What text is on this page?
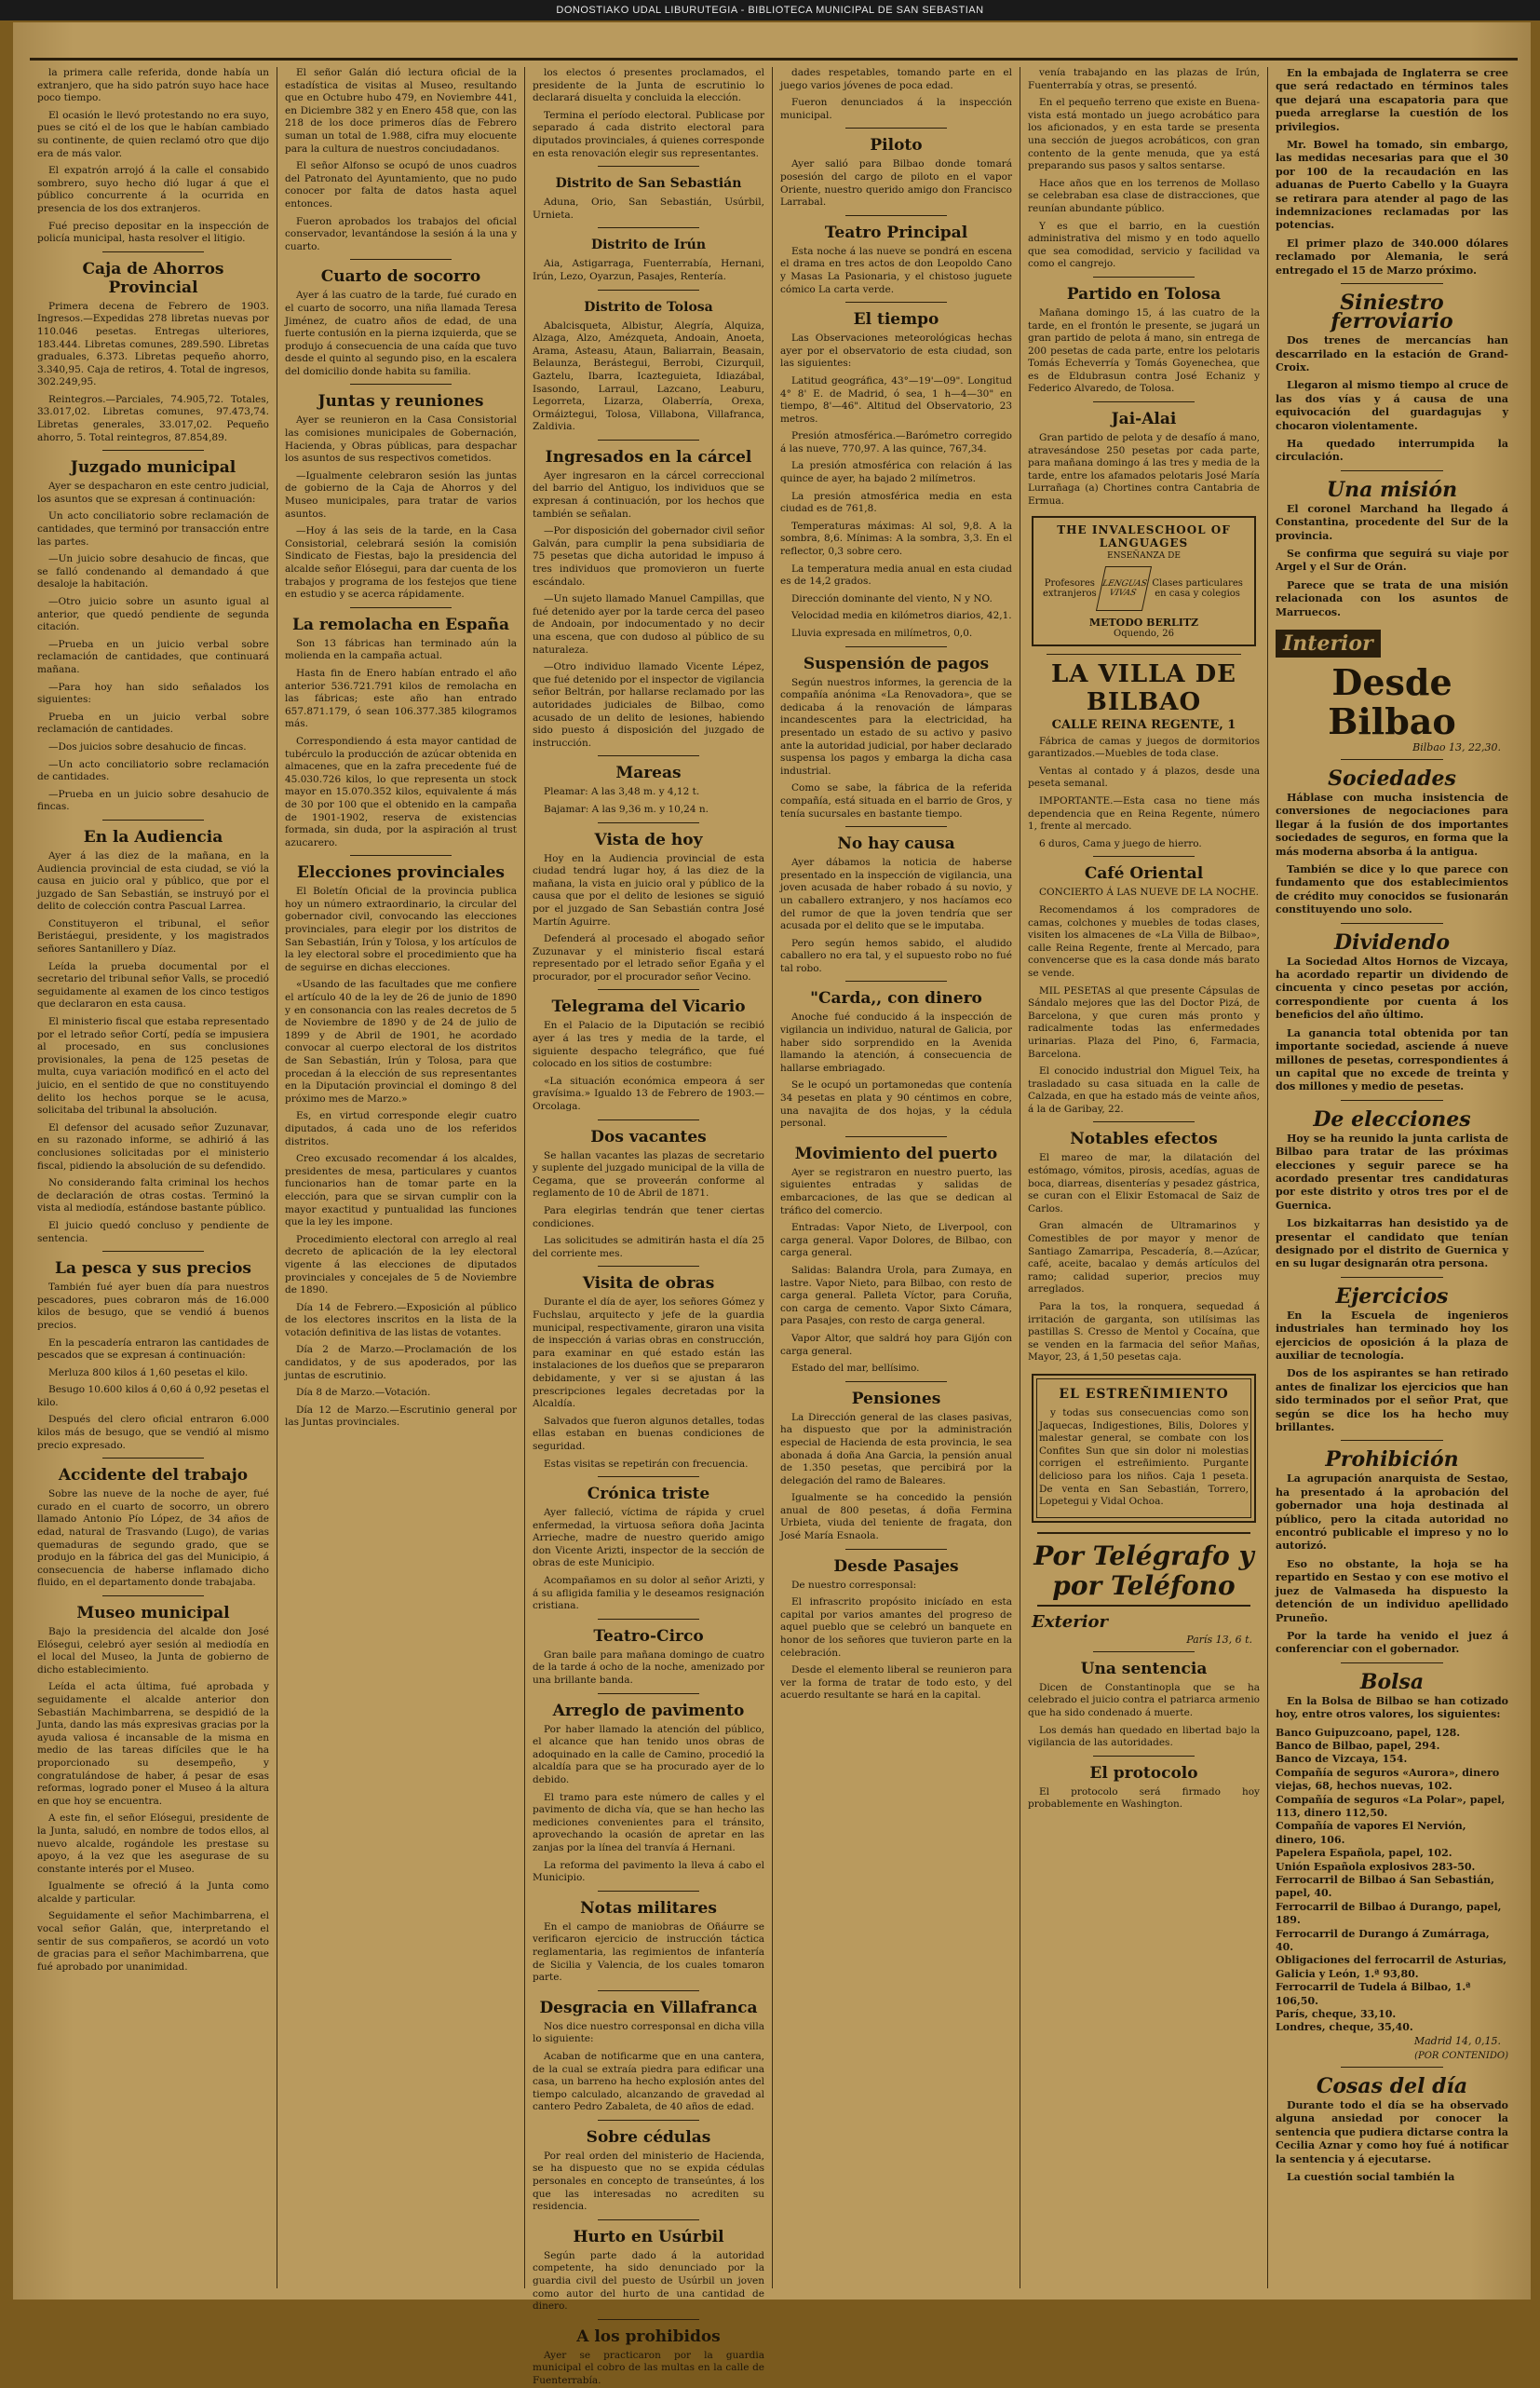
DONOSTIAKO UDAL LIBURUTEGIA - BIBLIOTECA MUNICIPAL DE SAN SEBASTIAN

la primera calle referida, donde había un extranjero, que ha sido patrón suyo hace hace poco tiempo.

El ocasión le llevó protestando no era suyo, pues se citó el de los que le habían cambiado su continente, de quien reclamó otro que dijo era de más valor.

El expatrón arrojó á la calle el consabido sombrero, suyo hecho dió lugar á que el público concurrente á la ocurrida en presencia de los dos extranjeros.

Fué preciso depositar en la inspección de policía municipal, hasta resolver el litigio.

Caja de Ahorros Provincial

Primera decena de Febrero de 1903. Ingresos.—Expedidas 278 libretas nuevas por 110.046 pesetas. Entregas ulteriores, 183.444. Libretas comunes, 289.590. Libretas graduales, 6.373. Libretas pequeño ahorro, 3.340,95. Caja de retiros, 4. Total de ingresos, 302.249,95.

Reintegros.—Parciales, 74.905,72. Totales, 33.017,02. Libretas comunes, 97.473,74. Libretas generales, 33.017,02. Pequeño ahorro, 5. Total reintegros, 87.854,89.

Juzgado municipal

Ayer se despacharon en este centro judicial, los asuntos que se expresan á continuación:

Un acto conciliatorio sobre reclamación de cantidades, que terminó por transacción entre las partes.

—Un juicio sobre desahucio de fincas, que se falló condenando al demandado á que desaloje la habitación.

—Otro juicio sobre un asunto igual al anterior, que quedó pendiente de segunda citación.

—Prueba en un juicio verbal sobre reclamación de cantidades, que continuará mañana.

—Para hoy han sido señalados los siguientes:

Prueba en un juicio verbal sobre reclamación de cantidades.

—Dos juicios sobre desahucio de fincas.

—Un acto conciliatorio sobre reclamación de cantidades.

—Prueba en un juicio sobre desahucio de fincas.

En la Audiencia

Ayer á las diez de la mañana, en la Audiencia provincial de esta ciudad, se vió la causa en juicio oral y público, que por el juzgado de San Sebastián, se instruyó por el delito de colección contra Pascual Larrea.

Constituyeron el tribunal, el señor Beristáegui, presidente, y los magistrados señores Santanillero y Díaz.

Leída la prueba documental por el secretario del tribunal señor Valls, se procedió seguidamente al examen de los cinco testigos que declararon en esta causa.

El ministerio fiscal que estaba representado por el letrado señor Cortí, pedía se impusiera al procesado, en sus conclusiones provisionales, la pena de 125 pesetas de multa, cuya variación modificó en el acto del juicio, en el sentido de que no constituyendo delito los hechos porque se le acusa, solicitaba del tribunal la absolución.

El defensor del acusado señor Zuzunavar, en su razonado informe, se adhirió á las conclusiones solicitadas por el ministerio fiscal, pidiendo la absolución de su defendido.

No considerando falta criminal los hechos de declaración de otras costas. Terminó la vista al mediodía, estándose bastante público.

El juicio quedó concluso y pendiente de sentencia.

La pesca y sus precios

También fué ayer buen día para nuestros pescadores, pues cobraron más de 16.000 kilos de besugo, que se vendió á buenos precios.

En la pescadería entraron las cantidades de pescados que se expresan á continuación:

Merluza 800 kilos á 1,60 pesetas el kilo.

Besugo 10.600 kilos á 0,60 á 0,92 pesetas el kilo.

Después del clero oficial entraron 6.000 kilos más de besugo, que se vendió al mismo precio expresado.

Accidente del trabajo

Sobre las nueve de la noche de ayer, fué curado en el cuarto de socorro, un obrero llamado Antonio Pío López, de 34 años de edad, natural de Trasvando (Lugo), de varias quemaduras de segundo grado, que se produjo en la fábrica del gas del Municipio, á consecuencia de haberse inflamado dicho fluido, en el departamento donde trabajaba.

Museo municipal

Bajo la presidencia del alcalde don José Elósegui, celebró ayer sesión al mediodía en el local del Museo, la Junta de gobierno de dicho establecimiento.

Leída el acta última, fué aprobada y seguidamente el alcalde anterior don Sebastián Machimbarrena, se despidió de la Junta, dando las más expresivas gracias por la ayuda valiosa é incansable de la misma en medio de las tareas difíciles que le ha proporcionado su desempeño, y congratulándose de haber, á pesar de esas reformas, logrado poner el Museo á la altura en que hoy se encuentra.

A este fin, el señor Elósegui, presidente de la Junta, saludó, en nombre de todos ellos, al nuevo alcalde, rogándole les prestase su apoyo, á la vez que les asegurase de su constante interés por el Museo.

Igualmente se ofreció á la Junta como alcalde y particular.

Seguidamente el señor Machimbarrena, el vocal señor Galán, que, interpretando el sentir de sus compañeros, se acordó un voto de gracias para el señor Machimbarrena, que fué aprobado por unanimidad.

El señor Galán dió lectura oficial de la estadística de visitas al Museo, resultando que en Octubre hubo 479, en Noviembre 441, en Diciembre 382 y en Enero 458 que, con las 218 de los doce primeros días de Febrero suman un total de 1.988, cifra muy elocuente para la cultura de nuestros conciudadanos.

El señor Alfonso se ocupó de unos cuadros del Patronato del Ayuntamiento, que no pudo conocer por falta de datos hasta aquel entonces.

Fueron aprobados los trabajos del oficial conservador, levantándose la sesión á la una y cuarto.

Cuarto de socorro

Ayer á las cuatro de la tarde, fué curado en el cuarto de socorro, una niña llamada Teresa Jiménez, de cuatro años de edad, de una fuerte contusión en la pierna izquierda, que se produjo á consecuencia de una caída que tuvo desde el quinto al segundo piso, en la escalera del domicilio donde habita su familia.

Juntas y reuniones

Ayer se reunieron en la Casa Consistorial las comisiones municipales de Gobernación, Hacienda, y Obras públicas, para despachar los asuntos de sus respectivos cometidos.

—Igualmente celebraron sesión las juntas de gobierno de la Caja de Ahorros y del Museo municipales, para tratar de varios asuntos.

—Hoy á las seis de la tarde, en la Casa Consistorial, celebrará sesión la comisión Sindicato de Fiestas, bajo la presidencia del alcalde señor Elósegui, para dar cuenta de los trabajos y programa de los festejos que tiene en estudio y se acerca rápidamente.

La remolacha en España

Son 13 fábricas han terminado aún la molienda en la campaña actual.

Hasta fin de Enero habían entrado el año anterior 536.721.791 kilos de remolacha en las fábricas; este año han entrado 657.871.179, ó sean 106.377.385 kilogramos más.

Correspondiendo á esta mayor cantidad de tubérculo la producción de azúcar obtenida en almacenes, que en la zafra precedente fué de 45.030.726 kilos, lo que representa un stock mayor en 15.070.352 kilos, equivalente á más de 30 por 100 que el obtenido en la campaña de 1901-1902, reserva de existencias formada, sin duda, por la aspiración al trust azucarero.

Elecciones provinciales

El Boletín Oficial de la provincia publica hoy un número extraordinario, la circular del gobernador civil, convocando las elecciones provinciales, para elegir por los distritos de San Sebastián, Irún y Tolosa, y los artículos de la ley electoral sobre el procedimiento que ha de seguirse en dichas elecciones.

«Usando de las facultades que me confiere el artículo 40 de la ley de 26 de junio de 1890 y en consonancia con las reales decretos de 5 de Noviembre de 1890 y de 24 de julio de 1899 y de Abril de 1901, he acordado convocar al cuerpo electoral de los distritos de San Sebastián, Irún y Tolosa, para que procedan á la elección de sus representantes en la Diputación provincial el domingo 8 del próximo mes de Marzo.»

Es, en virtud corresponde elegir cuatro diputados, á cada uno de los referidos distritos.

Creo excusado recomendar á los alcaldes, presidentes de mesa, particulares y cuantos funcionarios han de tomar parte en la elección, para que se sirvan cumplir con la mayor exactitud y puntualidad las funciones que la ley les impone.

Procedimiento electoral con arreglo al real decreto de aplicación de la ley electoral vigente á las elecciones de diputados provinciales y concejales de 5 de Noviembre de 1890.

Día 14 de Febrero.—Exposición al público de los electores inscritos en la lista de la votación definitiva de las listas de votantes.

Día 2 de Marzo.—Proclamación de los candidatos, y de sus apoderados, por las juntas de escrutinio.

Día 8 de Marzo.—Votación.

Día 12 de Marzo.—Escrutinio general por las Juntas provinciales.

los electos ó presentes proclamados, el presidente de la Junta de escrutinio lo declarará disuelta y concluida la elección.

Termina el período electoral. Publicase por separado á cada distrito electoral para diputados provinciales, á quienes corresponde en esta renovación elegir sus representantes.

Distrito de San Sebastián

Aduna, Orio, San Sebastián, Usúrbil, Urnieta.

Distrito de Irún

Aia, Astigarraga, Fuenterrabía, Hernani, Irún, Lezo, Oyarzun, Pasajes, Rentería.

Distrito de Tolosa

Abalcisqueta, Albistur, Alegría, Alquiza, Alzaga, Alzo, Amézqueta, Andoain, Anoeta, Arama, Asteasu, Ataun, Baliarrain, Beasain, Belaunza, Berástegui, Berrobi, Cizurquil, Gaztelu, Ibarra, Icazteguieta, Idiazábal, Isasondo, Larraul, Lazcano, Leaburu, Legorreta, Lizarza, Olaberría, Orexa, Ormáiztegui, Tolosa, Villabona, Villafranca, Zaldivia.

Ingresados en la cárcel

Ayer ingresaron en la cárcel correccional del barrio del Antiguo, los individuos que se expresan á continuación, por los hechos que también se señalan.

—Por disposición del gobernador civil señor Galván, para cumplir la pena subsidiaria de 75 pesetas que dicha autoridad le impuso á tres individuos que promovieron un fuerte escándalo.

—Un sujeto llamado Manuel Campillas, que fué detenido ayer por la tarde cerca del paseo de Andoain, por indocumentado y no decir una escena, que con dudoso al público de su naturaleza.

—Otro individuo llamado Vicente Lépez, que fué detenido por el inspector de vigilancia señor Beltrán, por hallarse reclamado por las autoridades judiciales de Bilbao, como acusado de un delito de lesiones, habiendo sido puesto á disposición del juzgado de instrucción.

Mareas

Pleamar: A las 3,48 m. y 4,12 t.

Bajamar: A las 9,36 m. y 10,24 n.

Vista de hoy

Hoy en la Audiencia provincial de esta ciudad tendrá lugar hoy, á las diez de la mañana, la vista en juicio oral y público de la causa que por el delito de lesiones se siguió por el juzgado de San Sebastián contra José Martín Aguirre.

Defenderá al procesado el abogado señor Zuzunavar y el ministerio fiscal estará representado por el letrado señor Egaña y el procurador, por el procurador señor Vecino.

Telegrama del Vicario

En el Palacio de la Diputación se recibió ayer á las tres y media de la tarde, el siguiente despacho telegráfico, que fué colocado en los sitios de costumbre:

«La situación económica empeora á ser gravísima.» Igualdo 13 de Febrero de 1903.—Orcolaga.

Dos vacantes

Se hallan vacantes las plazas de secretario y suplente del juzgado municipal de la villa de Cegama, que se proveerán conforme al reglamento de 10 de Abril de 1871.

Para elegirlas tendrán que tener ciertas condiciones.

Las solicitudes se admitirán hasta el día 25 del corriente mes.

Visita de obras

Durante el día de ayer, los señores Gómez y Fuchslau, arquitecto y jefe de la guardia municipal, respectivamente, giraron una visita de inspección á varias obras en construcción, para examinar en qué estado están las instalaciones de los dueños que se prepararon debidamente, y ver si se ajustan á las prescripciones legales decretadas por la Alcaldía.

Salvados que fueron algunos detalles, todas ellas estaban en buenas condiciones de seguridad.

Estas visitas se repetirán con frecuencia.

Crónica triste

Ayer falleció, víctima de rápida y cruel enfermedad, la virtuosa señora doña Jacinta Arrieche, madre de nuestro querido amigo don Vicente Arizti, inspector de la sección de obras de este Municipio.

Acompañamos en su dolor al señor Arizti, y á su afligida familia y le deseamos resignación cristiana.

Teatro-Circo

Gran baile para mañana domingo de cuatro de la tarde á ocho de la noche, amenizado por una brillante banda.

Arreglo de pavimento

Por haber llamado la atención del público, el alcance que han tenido unos obras de adoquinado en la calle de Camino, procedió la alcaldía para que se ha procurado ayer de lo debido.

El tramo para este número de calles y el pavimento de dicha vía, que se han hecho las mediciones convenientes para el tránsito, aprovechando la ocasión de apretar en las zanjas por la línea del tranvía á Hernani.

La reforma del pavimento la lleva á cabo el Municipio.

Notas militares

En el campo de maniobras de Oñáurre se verificaron ejercicio de instrucción táctica reglamentaria, las regimientos de infantería de Sicilia y Valencia, de los cuales tomaron parte.

Desgracia en Villafranca

Nos dice nuestro corresponsal en dicha villa lo siguiente:

Acaban de notificarme que en una cantera, de la cual se extraía piedra para edificar una casa, un barreno ha hecho explosión antes del tiempo calculado, alcanzando de gravedad al cantero Pedro Zabaleta, de 40 años de edad.

Sobre cédulas

Por real orden del ministerio de Hacienda, se ha dispuesto que no se expida cédulas personales en concepto de transeúntes, á los que las interesadas no acrediten su residencia.

Hurto en Usúrbil

Según parte dado á la autoridad competente, ha sido denunciado por la guardia civil del puesto de Usúrbil un joven como autor del hurto de una cantidad de dinero.

A los prohibidos

Ayer se practicaron por la guardia municipal el cobro de las multas en la calle de Fuenterrabía.

dades respetables, tomando parte en el juego varios jóvenes de poca edad.

Fueron denunciados á la inspección municipal.

Piloto

Ayer salió para Bilbao donde tomará posesión del cargo de piloto en el vapor Oriente, nuestro querido amigo don Francisco Larrabal.

Teatro Principal

Esta noche á las nueve se pondrá en escena el drama en tres actos de don Leopoldo Cano y Masas La Pasionaria, y el chistoso juguete cómico La carta verde.

El tiempo

Las Observaciones meteorológicas hechas ayer por el observatorio de esta ciudad, son las siguientes:

Latitud geográfica, 43°—19'—09". Longitud 4° 8' E. de Madrid, ó sea, 1 h—4—30" en tiempo, 8'—46". Altitud del Observatorio, 23 metros.

Presión atmosférica.—Barómetro corregido á las nueve, 770,97. A las quince, 767,34.

La presión atmosférica con relación á las quince de ayer, ha bajado 2 milímetros.

La presión atmosférica media en esta ciudad es de 761,8.

Temperaturas máximas: Al sol, 9,8. A la sombra, 8,6. Mínimas: A la sombra, 3,3. En el reflector, 0,3 sobre cero.

La temperatura media anual en esta ciudad es de 14,2 grados.

Dirección dominante del viento, N y NO.

Velocidad media en kilómetros diarios, 42,1.

Lluvia expresada en milímetros, 0,0.

Suspensión de pagos

Según nuestros informes, la gerencia de la compañía anónima «La Renovadora», que se dedicaba á la renovación de lámparas incandescentes para la electricidad, ha presentado un estado de su activo y pasivo ante la autoridad judicial, por haber declarado suspensa los pagos y embarga la dicha casa industrial.

Como se sabe, la fábrica de la referida compañía, está situada en el barrio de Gros, y tenía sucursales en bastante tiempo.

No hay causa

Ayer dábamos la noticia de haberse presentado en la inspección de vigilancia, una joven acusada de haber robado á su novio, y un caballero extranjero, y nos hacíamos eco del rumor de que la joven tendría que ser acusada por el delito que se le imputaba.

Pero según hemos sabido, el aludido caballero no era tal, y el supuesto robo no fué tal robo.

"Carda,, con dinero

Anoche fué conducido á la inspección de vigilancia un individuo, natural de Galicia, por haber sido sorprendido en la Avenida llamando la atención, á consecuencia de hallarse embriagado.

Se le ocupó un portamonedas que contenía 34 pesetas en plata y 90 céntimos en cobre, una navajita de dos hojas, y la cédula personal.

Movimiento del puerto

Ayer se registraron en nuestro puerto, las siguientes entradas y salidas de embarcaciones, de las que se dedican al tráfico del comercio.

Entradas: Vapor Nieto, de Liverpool, con carga general. Vapor Dolores, de Bilbao, con carga general.

Salidas: Balandra Urola, para Zumaya, en lastre. Vapor Nieto, para Bilbao, con resto de carga general. Palleta Víctor, para Coruña, con carga de cemento. Vapor Sixto Cámara, para Pasajes, con resto de carga general.

Vapor Altor, que saldrá hoy para Gijón con carga general.

Estado del mar, bellísimo.

Pensiones

La Dirección general de las clases pasivas, ha dispuesto que por la administración especial de Hacienda de esta provincia, le sea abonada á doña Ana Garcia, la pensión anual de 1.350 pesetas, que percibirá por la delegación del ramo de Baleares.

Igualmente se ha concedido la pensión anual de 800 pesetas, á doña Fermina Urbieta, viuda del teniente de fragata, don José María Esnaola.

Desde Pasajes

De nuestro corresponsal:

El infrascrito propósito inicíado en esta capital por varios amantes del progreso de aquel pueblo que se celebró un banquete en honor de los señores que tuvieron parte en la celebración.

Desde el elemento liberal se reunieron para ver la forma de tratar de todo esto, y del acuerdo resultante se hará en la capital.

venía trabajando en las plazas de Irún, Fuenterrabía y otras, se presentó.

En el pequeño terreno que existe en Buena-vista está montado un juego acrobático para los aficionados, y en esta tarde se presenta una sección de juegos acrobáticos, con gran contento de la gente menuda, que ya está preparando sus pasos y saltos sentarse.

Hace años que en los terrenos de Mollaso se celebraban esa clase de distracciones, que reunían abundante público.

Y es que el barrio, en la cuestión administrativa del mismo y en todo aquello que sea comodidad, servicio y facilidad va como el cangrejo.

Partido en Tolosa

Mañana domingo 15, á las cuatro de la tarde, en el frontón le presente, se jugará un gran partido de pelota á mano, sin entrega de 200 pesetas de cada parte, entre los pelotaris Tomás Echeverría y Tomás Goyenechea, que es de Eldubrasun contra José Echaniz y Federico Alvaredo, de Tolosa.

Jai-Alai

Gran partido de pelota y de desafío á mano, atravesándose 250 pesetas por cada parte, para mañana domingo á las tres y media de la tarde, entre los afamados pelotaris José María Lurrañaga (a) Chortines contra Cantabria de Ermua.

THE INVALESCHOOL OF LANGUAGES
ENSEÑANZA DE
Profesores extranjeros
LENGUAS VIVAS
Clases particulares en casa y colegios
METODO BERLITZ
Oquendo, 26
LA VILLA DE BILBAO
CALLE REINA REGENTE, 1

Fábrica de camas y juegos de dormitorios garantizados.—Muebles de toda clase.

Ventas al contado y á plazos, desde una peseta semanal.

IMPORTANTE.—Esta casa no tiene más dependencia que en Reina Regente, número 1, frente al mercado.

6 duros, Cama y juego de hierro.

Café Oriental

CONCIERTO Á LAS NUEVE DE LA NOCHE.

Recomendamos á los compradores de camas, colchones y muebles de todas clases, visiten los almacenes de «La Villa de Bilbao», calle Reina Regente, frente al Mercado, para convencerse que es la casa donde más barato se vende.

MIL PESETAS al que presente Cápsulas de Sándalo mejores que las del Doctor Pizá, de Barcelona, y que curen más pronto y radicalmente todas las enfermedades urinarias. Plaza del Pino, 6, Farmacia, Barcelona.

El conocido industrial don Miguel Teix, ha trasladado su casa situada en la calle de Calzada, en que ha estado más de veinte años, á la de Garibay, 22.

Notables efectos

El mareo de mar, la dilatación del estómago, vómitos, pirosis, acedías, aguas de boca, diarreas, disenterías y pesadez gástrica, se curan con el Elixir Estomacal de Saiz de Carlos.

Gran almacén de Ultramarinos y Comestibles de por mayor y menor de Santiago Zamarripa, Pescadería, 8.—Azúcar, café, aceite, bacalao y demás artículos del ramo; calidad superior, precios muy arreglados.

Para la tos, la ronquera, sequedad á irritación de garganta, son utilísimas las pastillas S. Cresso de Mentol y Cocaína, que se venden en la farmacia del señor Mañas, Mayor, 23, á 1,50 pesetas caja.

EL ESTREÑIMIENTO

y todas sus consecuencias como son Jaquecas, Indigestiones, Bilis, Dolores y malestar general, se combate con los Confites Sun que sin dolor ni molestias corrigen el estreñimiento. Purgante delicioso para los niños. Caja 1 peseta. De venta en San Sebastián, Torrero, Lopetegui y Vidal Ochoa.

Por Telégrafo y por Teléfono
Exterior
París 13, 6 t.
Una sentencia

Dicen de Constantinopla que se ha celebrado el juicio contra el patriarca armenio que ha sido condenado á muerte.

Los demás han quedado en libertad bajo la vigilancia de las autoridades.

El protocolo

El protocolo será firmado hoy probablemente en Washington.

En la embajada de Inglaterra se cree que será redactado en términos tales que dejará una escapatoria para que pueda arreglarse la cuestión de los privilegios.

Mr. Bowel ha tomado, sin embargo, las medidas necesarias para que el 30 por 100 de la recaudación en las aduanas de Puerto Cabello y la Guayra se retirara para atender al pago de las indemnizaciones reclamadas por las potencias.

El primer plazo de 340.000 dólares reclamado por Alemania, le será entregado el 15 de Marzo próximo.

Siniestro ferroviario

Dos trenes de mercancías han descarrilado en la estación de Grand-Croix.

Llegaron al mismo tiempo al cruce de las dos vías y á causa de una equivocación del guardagujas y chocaron violentamente.

Ha quedado interrumpida la circulación.

Una misión

El coronel Marchand ha llegado á Constantina, procedente del Sur de la provincia.

Se confirma que seguirá su viaje por Argel y el Sur de Orán.

Parece que se trata de una misión relacionada con los asuntos de Marruecos.

Interior
Desde Bilbao
Bilbao 13, 22,30.
Sociedades

Háblase con mucha insistencia de conversiones de negociaciones para llegar á la fusión de dos importantes sociedades de seguros, en forma que la más moderna absorba á la antigua.

También se dice y lo que parece con fundamento que dos establecimientos de crédito muy conocidos se fusionarán constituyendo uno solo.

Dividendo

La Sociedad Altos Hornos de Vizcaya, ha acordado repartir un dividendo de cincuenta y cinco pesetas por acción, correspondiente por cuenta á los beneficios del año último.

La ganancia total obtenida por tan importante sociedad, asciende á nueve millones de pesetas, correspondientes á un capital que no excede de treinta y dos millones y medio de pesetas.

De elecciones

Hoy se ha reunido la junta carlista de Bilbao para tratar de las próximas elecciones y seguir parece se ha acordado presentar tres candidaturas por este distrito y otros tres por el de Guernica.

Los bizkaitarras han desistido ya de presentar el candidato que tenían designado por el distrito de Guernica y en su lugar designarán otra persona.

Ejercicios

En la Escuela de ingenieros industriales han terminado hoy los ejercicios de oposición á la plaza de auxiliar de tecnología.

Dos de los aspirantes se han retirado antes de finalizar los ejercicios que han sido terminados por el señor Prat, que según se dice los ha hecho muy brillantes.

Prohibición

La agrupación anarquista de Sestao, ha presentado á la aprobación del gobernador una hoja destinada al público, pero la citada autoridad no encontró publicable el impreso y no lo autorizó.

Eso no obstante, la hoja se ha repartido en Sestao y con ese motivo el juez de Valmaseda ha dispuesto la detención de un individuo apellidado Pruneño.

Por la tarde ha venido el juez á conferenciar con el gobernador.

Bolsa

En la Bolsa de Bilbao se han cotizado hoy, entre otros valores, los siguientes:

Banco Guipuzcoano, papel, 128.

Banco de Bilbao, papel, 294.

Banco de Vizcaya, 154.

Compañía de seguros «Aurora», dinero viejas, 68, hechos nuevas, 102.

Compañía de seguros «La Polar», papel, 113, dinero 112,50.

Compañía de vapores El Nervión, dinero, 106.

Papelera Española, papel, 102.

Unión Española explosivos 283-50.

Ferrocarril de Bilbao á San Sebastián, papel, 40.

Ferrocarril de Bilbao á Durango, papel, 189.

Ferrocarril de Durango á Zumárraga, 40.

Obligaciones del ferrocarril de Asturias, Galicia y León, 1.ª 93,80.

Ferrocarril de Tudela á Bilbao, 1.ª 106,50.

París, cheque, 33,10.

Londres, cheque, 35,40.

Madrid 14, 0,15.
(POR CONTENIDO)
Cosas del día

Durante todo el día se ha observado alguna ansiedad por conocer la sentencia que pudiera dictarse contra la Cecilia Aznar y como hoy fué á notificar la sentencia y á ejecutarse.

La cuestión social también la
